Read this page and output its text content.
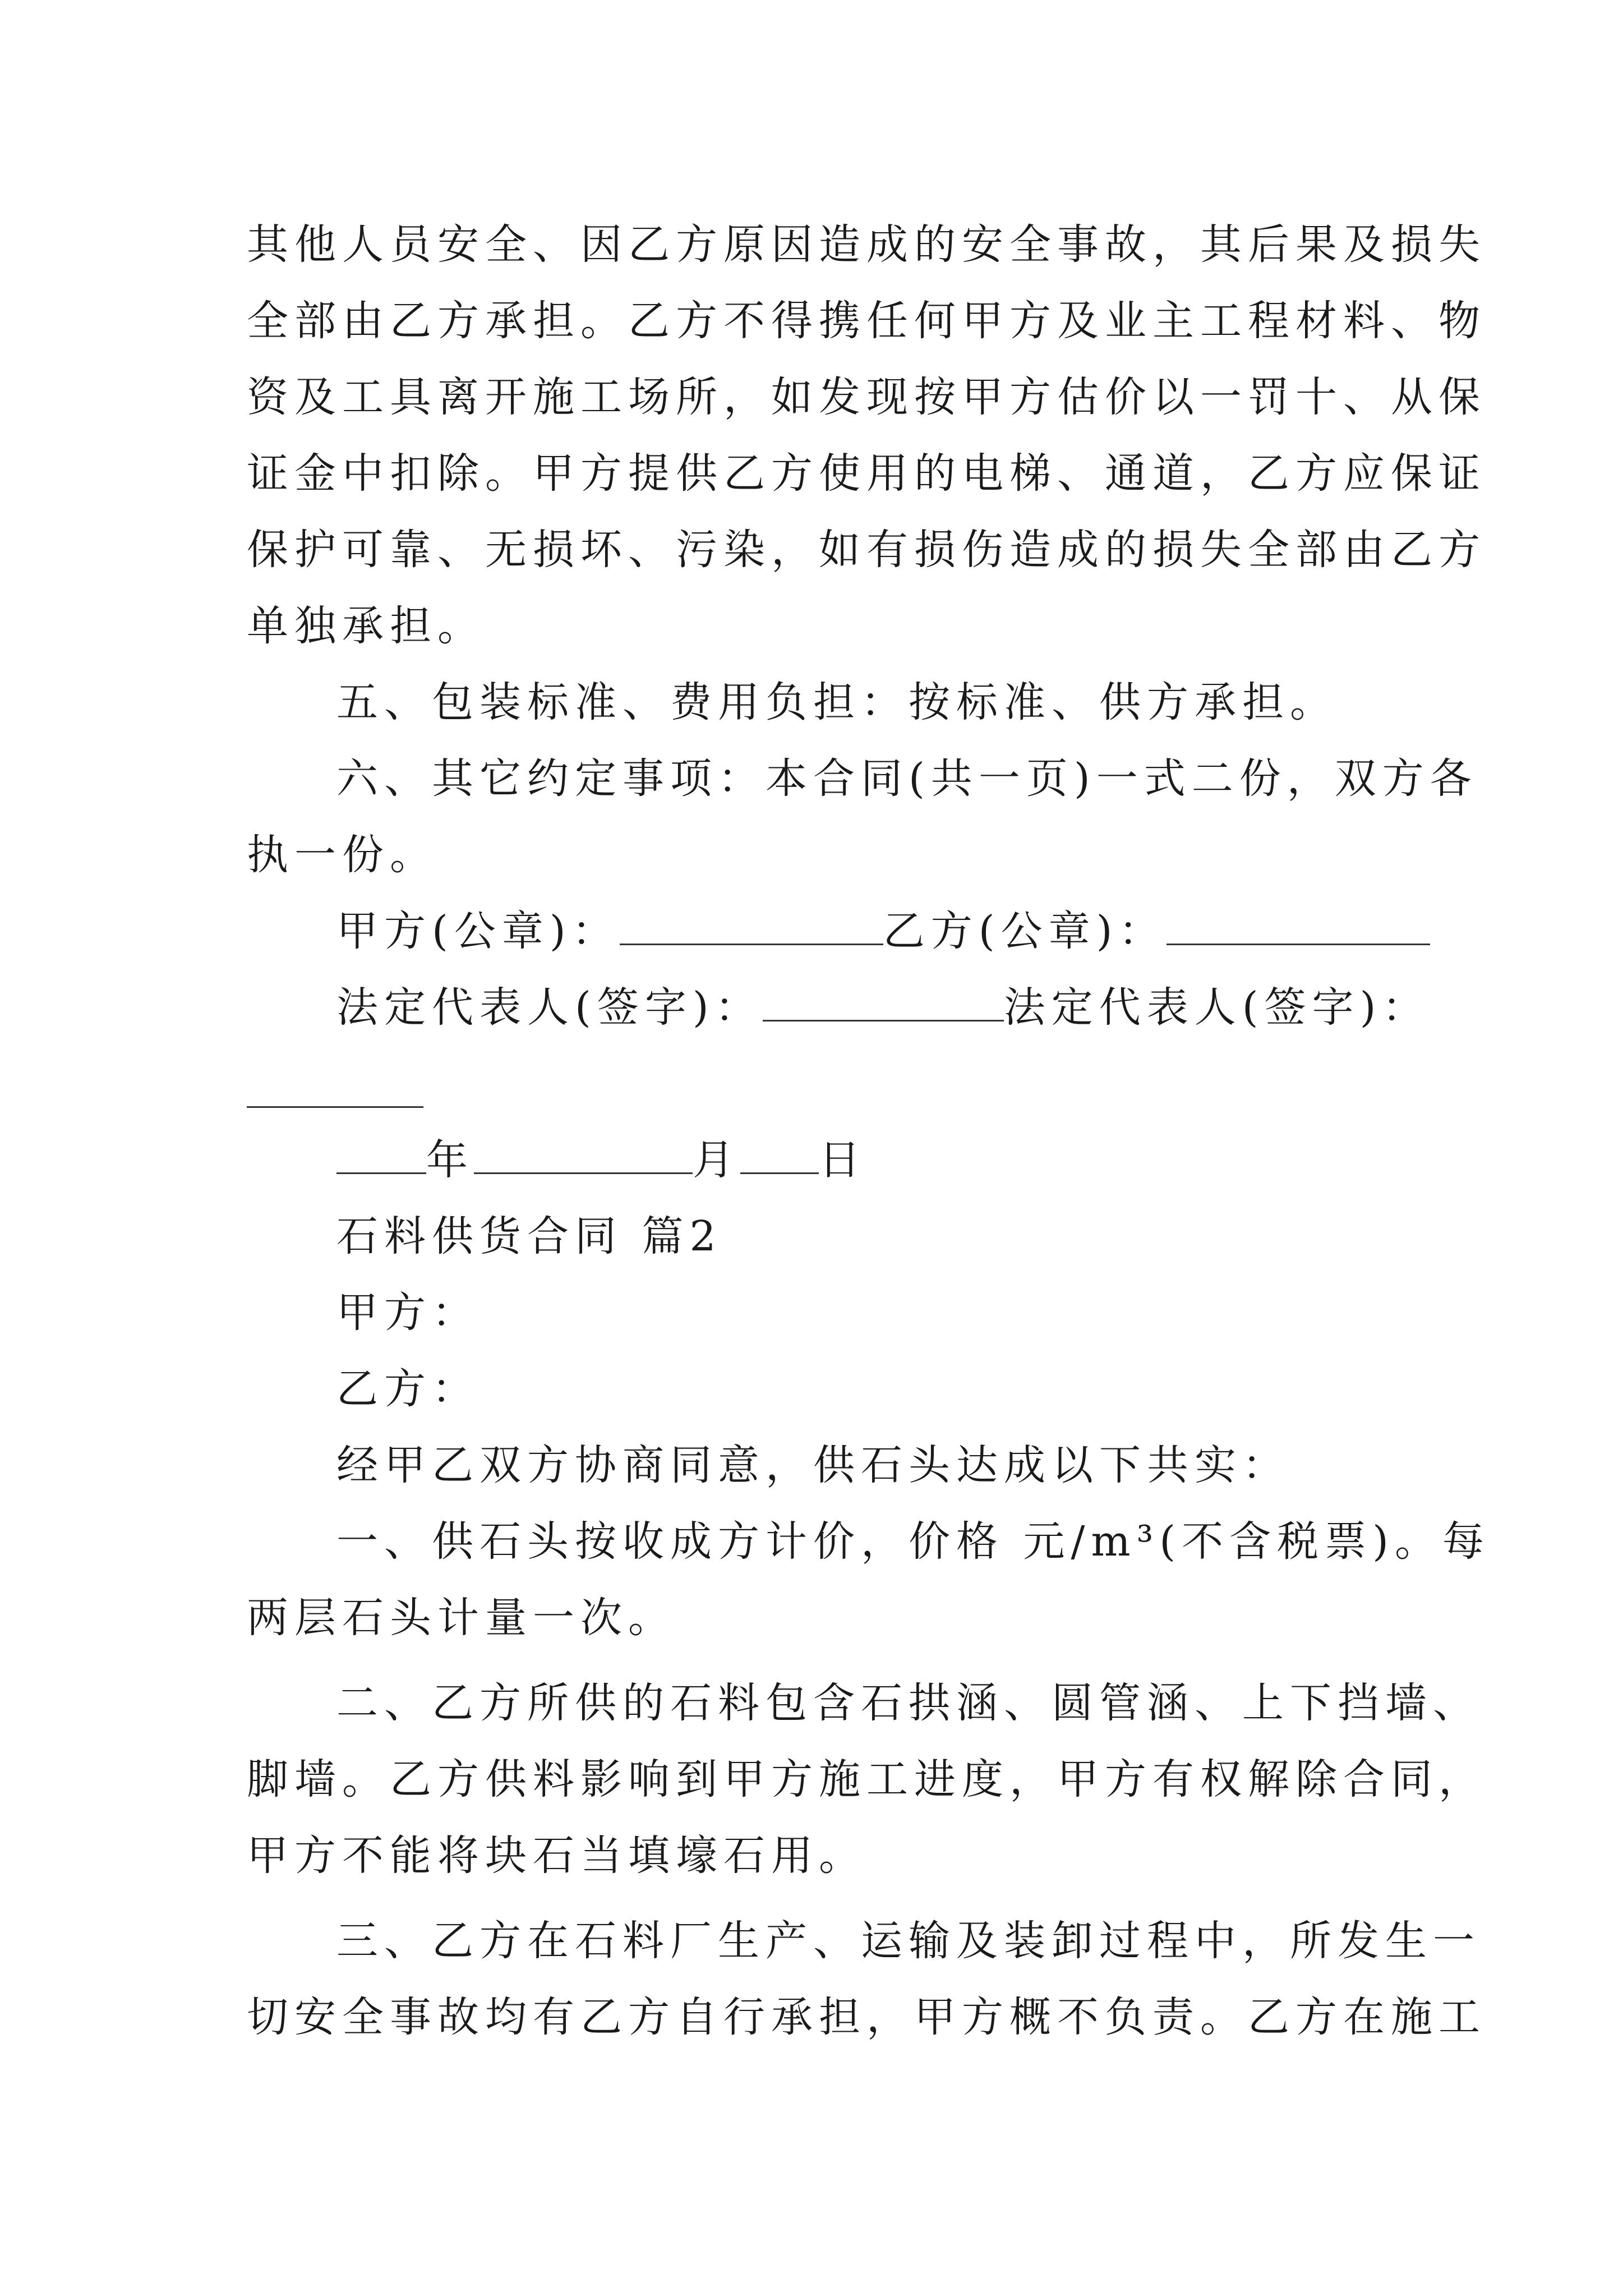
其他人员安全、因乙方原因造成的安全事故，其后果及损失
全部由乙方承担。乙方不得携任何甲方及业主工程材料、物
资及工具离开施工场所，如发现按甲方估价以一罚十、从保
证金中扣除。甲方提供乙方使用的电梯、通道，乙方应保证
保护可靠、无损坏、污染，如有损伤造成的损失全部由乙方
单独承担。
五、包装标准、费用负担：按标准、供方承担。
六、其它约定事项：本合同(共一页)一式二份，双方各
执一份。
甲方(公章)：	乙方(公章)：
法定代表人(签字)：	法定代表人(签字)：
年	月 日
石料供货合同 篇2
甲方：
乙方：
经甲乙双方协商同意，供石头达成以下共实：
一、供石头按收成方计价，价格 元/m³(不含税票)。每
两层石头计量一次。
二、乙方所供的石料包含石拱涵、圆管涵、上下挡墙、
脚墙。乙方供料影响到甲方施工进度，甲方有权解除合同，
甲方不能将块石当填壕石用。
三、乙方在石料厂生产、运输及装卸过程中，所发生一
切安全事故均有乙方自行承担，甲方概不负责。乙方在施工
